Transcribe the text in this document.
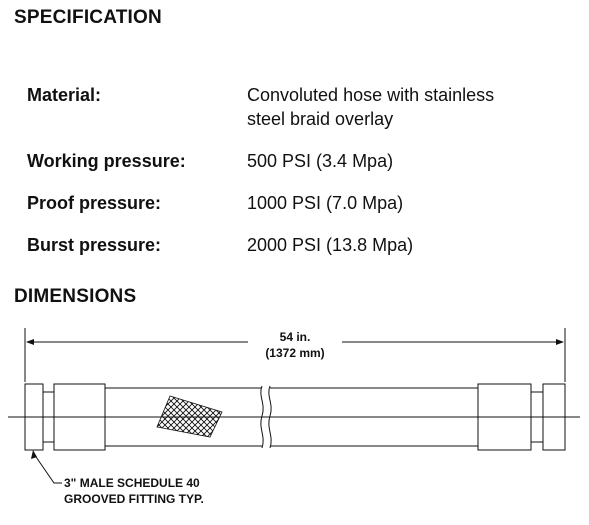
SPECIFICATION
Material:	Convoluted hose with stainless
steel braid overlay
Working pressure:	500 PSI (3.4 Mpa)
Proof pressure:	1000 PSI (7.0 Mpa)
Burst pressure:	2000 PSI (13.8 Mpa)
DIMENSIONS
54 in.
(1372 mm)
3" MALE SCHEDULE 40
GROOVED FITTING TYP.
